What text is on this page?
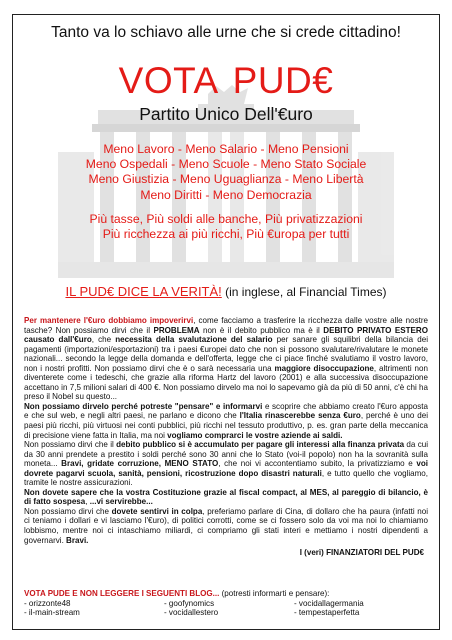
Tanto va lo schiavo alle urne che si crede cittadino!
VOTA PUD€
Partito Unico Dell'€uro
Meno Lavoro - Meno Salario - Meno Pensioni
Meno Ospedali - Meno Scuole - Meno Stato Sociale
Meno Giustizia - Meno Uguaglianza - Meno Libertà
Meno Diritti - Meno Democrazia
Più tasse, Più soldi alle banche, Più privatizzazioni
Più ricchezza ai più ricchi, Più €uropa per tutti
IL PUD€ DICE LA VERITÀ! (in inglese, al Financial Times)

Per mantenere l'€uro dobbiamo impoverirvi, come facciamo a trasferire la ricchezza dalle vostre alle nostre tasche? Non possiamo dirvi che il PROBLEMA non è il debito pubblico ma è il DEBITO PRIVATO ESTERO causato dall'€uro, che necessita della svalutazione del salario per sanare gli squilibri della bilancia dei pagamenti (importazioni/esportazioni) tra i paesi €uropei dato che non si possono svalutare/rivalutare le monete nazionali... secondo la legge della domanda e dell'offerta, legge che ci piace finché svalutiamo il vostro lavoro, non i nostri profitti. Non possiamo dirvi che è o sarà necessaria una maggiore disoccupazione, altrimenti non diventerete come i tedeschi, che grazie alla riforma Hartz del lavoro (2001) e alla successiva disoccupazione accettano in 7,5 milioni salari di 400 €. Non possiamo dirvelo ma noi lo sapevamo già da più di 50 anni, c'è chi ha preso il Nobel su questo...

Non possiamo dirvelo perché potreste "pensare" e informarvi e scoprire che abbiamo creato l'€uro apposta e che sul web, e negli altri paesi, ne parlano e dicono che l'Italia rinascerebbe senza €uro, perché è uno dei paesi più ricchi, più virtuosi nei conti pubblici, più ricchi nel tessuto produttivo, p. es. gran parte della meccanica di precisione viene fatta in Italia, ma noi vogliamo comprarci le vostre aziende ai saldi.

Non possiamo dirvi che il debito pubblico si è accumulato per pagare gli interessi alla finanza privata da cui da 30 anni prendete a prestito i soldi perché sono 30 anni che lo Stato (voi-il popolo) non ha la sovranità sulla moneta... Bravi, gridate corruzione, MENO STATO, che noi vi accontentiamo subito, la privatizziamo e voi dovrete pagarvi scuola, sanità, pensioni, ricostruzione dopo disastri naturali, e tutto quello che vogliamo, tramite le nostre assicurazioni.

Non dovete sapere che la vostra Costituzione grazie al fiscal compact, al MES, al pareggio di bilancio, è di fatto sospesa, ...vi servirebbe...

Non possiamo dirvi che dovete sentirvi in colpa, preferiamo parlare di Cina, di dollaro che ha paura (infatti noi ci teniamo i dollari e vi lasciamo l'€uro), di politici corrotti, come se ci fossero solo da voi ma noi lo chiamiamo lobbismo, mentre noi ci intaschiamo miliardi, ci compriamo gli stati interi e mettiamo i nostri dipendenti a governarvi. Bravi.

I (veri) FINANZIATORI DEL PUD€

VOTA PUDE E NON LEGGERE I SEGUENTI BLOG... (potresti informarti e pensare):
- orizzonte48	- goofynomics	- vocidallagermania
- il-main-stream	- vocidallestero	- tempestaperfetta
